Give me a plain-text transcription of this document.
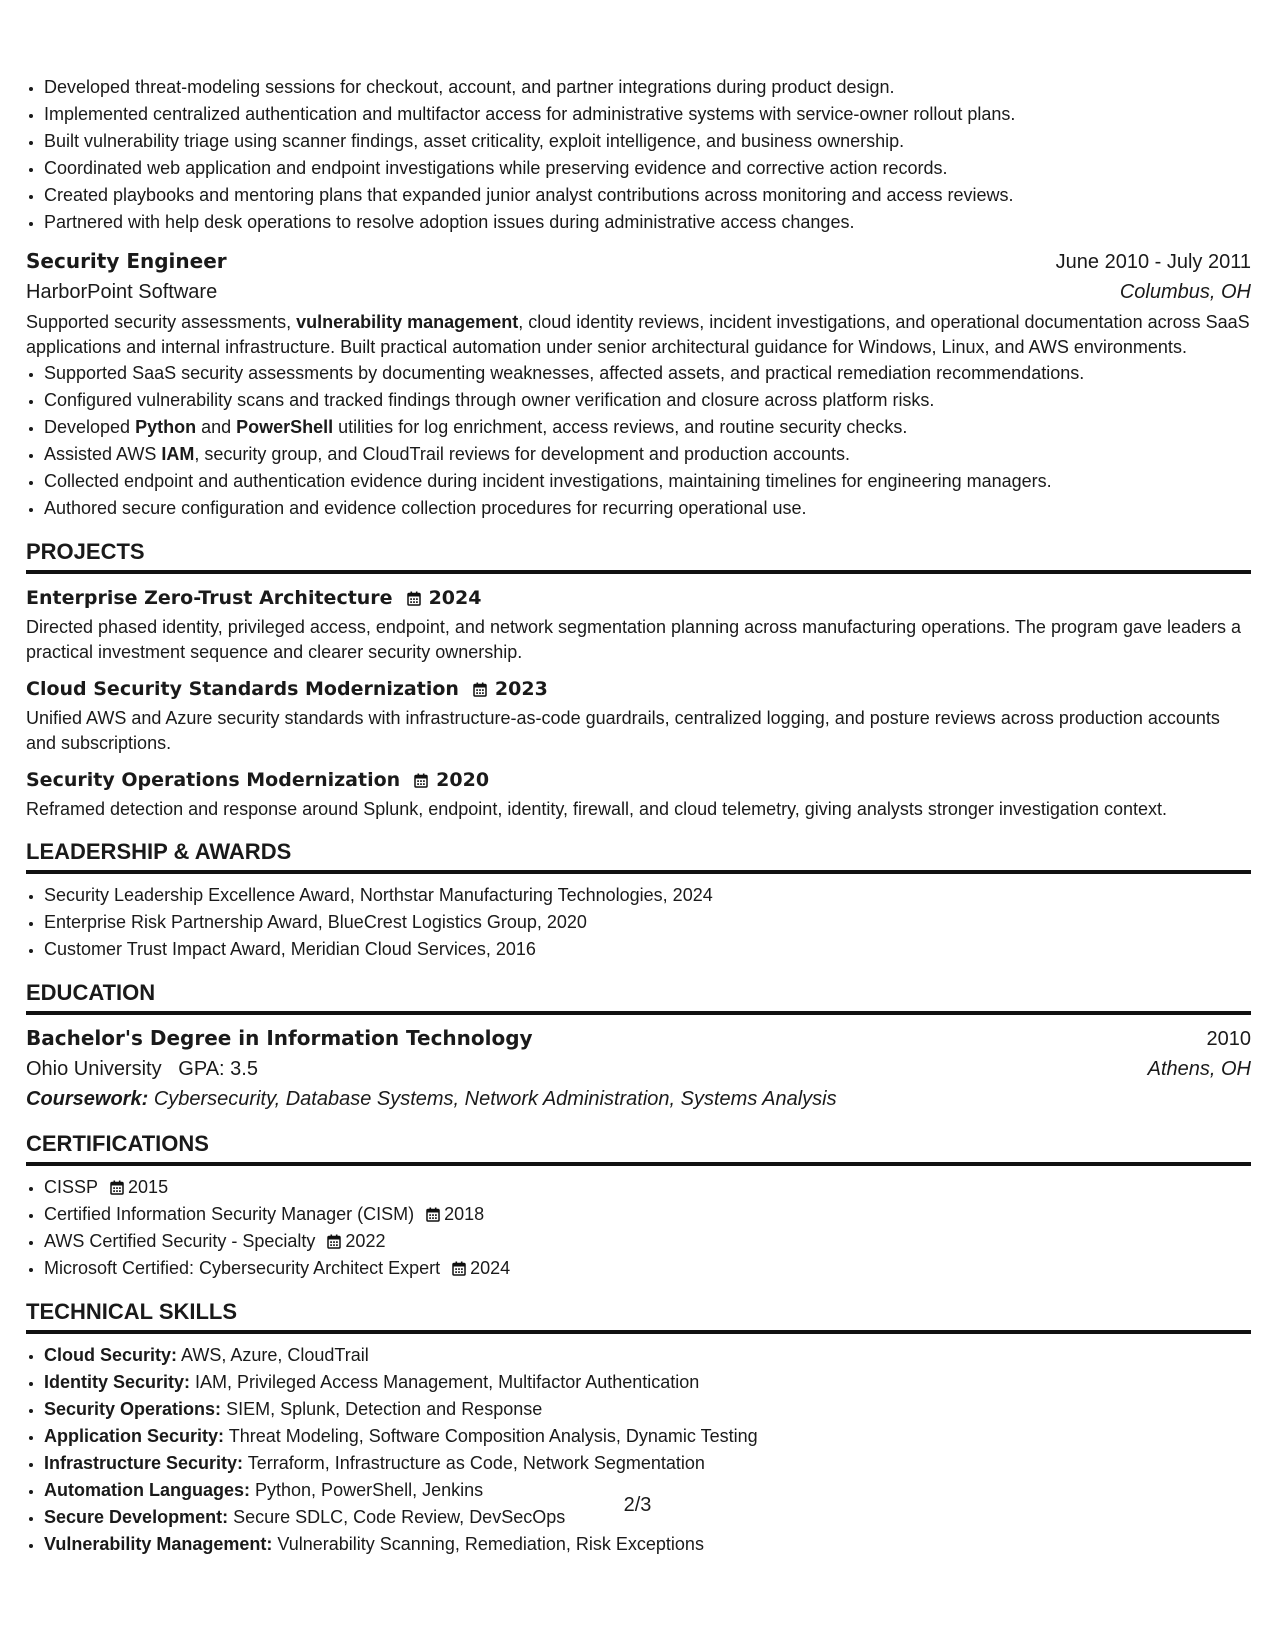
• Developed threat-modeling sessions for checkout, account, and partner integrations during product design.
• Implemented centralized authentication and multifactor access for administrative systems with service-owner rollout plans.
• Built vulnerability triage using scanner findings, asset criticality, exploit intelligence, and business ownership.
• Coordinated web application and endpoint investigations while preserving evidence and corrective action records.
• Created playbooks and mentoring plans that expanded junior analyst contributions across monitoring and access reviews.
• Partnered with help desk operations to resolve adoption issues during administrative access changes.
Security Engineer	June 2010 - July 2011
HarborPoint Software	Columbus, OH
Supported security assessments, vulnerability management, cloud identity reviews, incident investigations, and operational documentation across SaaS applications and internal infrastructure. Built practical automation under senior architectural guidance for Windows, Linux, and AWS environments.
• Supported SaaS security assessments by documenting weaknesses, affected assets, and practical remediation recommendations.
• Configured vulnerability scans and tracked findings through owner verification and closure across platform risks.
• Developed Python and PowerShell utilities for log enrichment, access reviews, and routine security checks.
• Assisted AWS IAM, security group, and CloudTrail reviews for development and production accounts.
• Collected endpoint and authentication evidence during incident investigations, maintaining timelines for engineering managers.
• Authored secure configuration and evidence collection procedures for recurring operational use.
PROJECTS
Enterprise Zero-Trust Architecture 2024
Directed phased identity, privileged access, endpoint, and network segmentation planning across manufacturing operations. The program gave leaders a practical investment sequence and clearer security ownership.
Cloud Security Standards Modernization 2023
Unified AWS and Azure security standards with infrastructure-as-code guardrails, centralized logging, and posture reviews across production accounts and subscriptions.
Security Operations Modernization 2020
Reframed detection and response around Splunk, endpoint, identity, firewall, and cloud telemetry, giving analysts stronger investigation context.
LEADERSHIP & AWARDS
• Security Leadership Excellence Award, Northstar Manufacturing Technologies, 2024
• Enterprise Risk Partnership Award, BlueCrest Logistics Group, 2020
• Customer Trust Impact Award, Meridian Cloud Services, 2016
EDUCATION
Bachelor's Degree in Information Technology	2010
Ohio University GPA: 3.5	Athens, OH
Coursework: Cybersecurity, Database Systems, Network Administration, Systems Analysis
CERTIFICATIONS
• CISSP 2015
• Certified Information Security Manager (CISM) 2018
• AWS Certified Security - Specialty 2022
• Microsoft Certified: Cybersecurity Architect Expert 2024
TECHNICAL SKILLS
• Cloud Security: AWS, Azure, CloudTrail
• Identity Security: IAM, Privileged Access Management, Multifactor Authentication
• Security Operations: SIEM, Splunk, Detection and Response
• Application Security: Threat Modeling, Software Composition Analysis, Dynamic Testing
• Infrastructure Security: Terraform, Infrastructure as Code, Network Segmentation
• Automation Languages: Python, PowerShell, Jenkins
• Secure Development: Secure SDLC, Code Review, DevSecOps
• Vulnerability Management: Vulnerability Scanning, Remediation, Risk Exceptions
2/3
